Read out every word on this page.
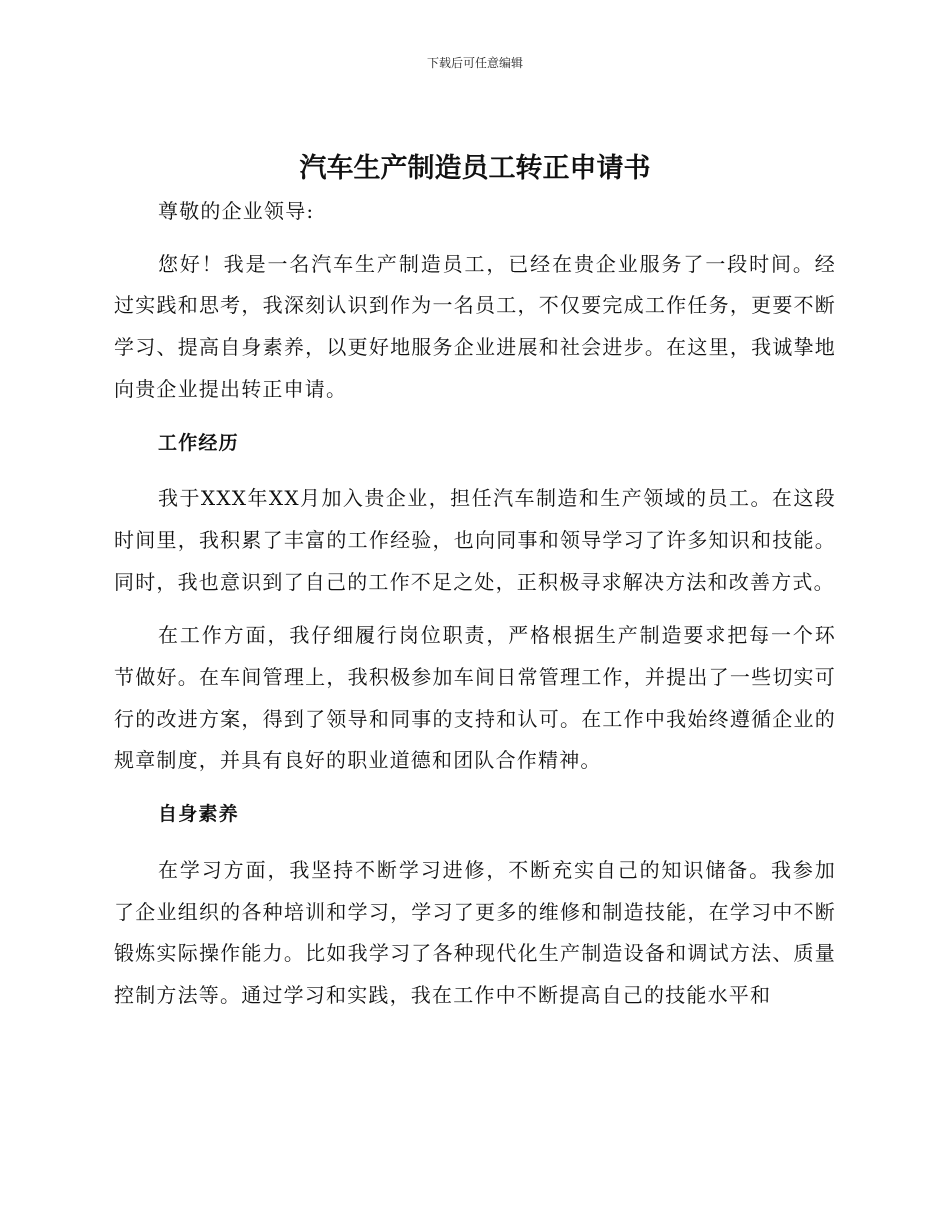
下载后可任意编辑
汽车生产制造员工转正申请书

尊敬的企业领导:

您好！我是一名汽车生产制造员工，已经在贵企业服务了一段时间。经过实践和思考，我深刻认识到作为一名员工，不仅要完成工作任务，更要不断学习、提高自身素养，以更好地服务企业进展和社会进步。在这里，我诚挚地向贵企业提出转正申请。

工作经历

我于XXX年XX月加入贵企业，担任汽车制造和生产领域的员工。在这段时间里，我积累了丰富的工作经验，也向同事和领导学习了许多知识和技能。同时，我也意识到了自己的工作不足之处，正积极寻求解决方法和改善方式。

在工作方面，我仔细履行岗位职责，严格根据生产制造要求把每一个环节做好。在车间管理上，我积极参加车间日常管理工作，并提出了一些切实可行的改进方案，得到了领导和同事的支持和认可。在工作中我始终遵循企业的规章制度，并具有良好的职业道德和团队合作精神。

自身素养

在学习方面，我坚持不断学习进修，不断充实自己的知识储备。我参加了企业组织的各种培训和学习，学习了更多的维修和制造技能，在学习中不断锻炼实际操作能力。比如我学习了各种现代化生产制造设备和调试方法、质量控制方法等。通过学习和实践，我在工作中不断提高自己的技能水平和
